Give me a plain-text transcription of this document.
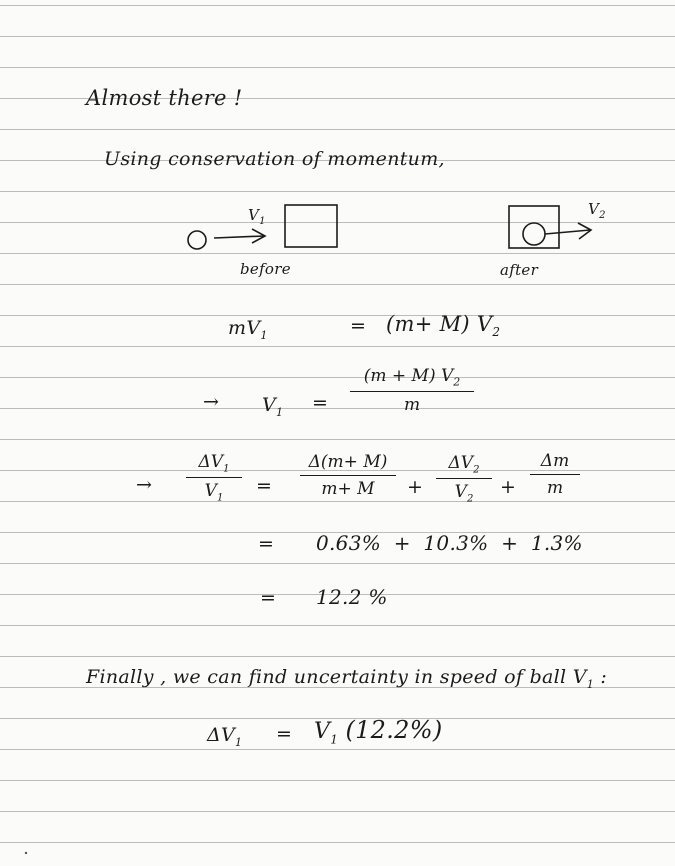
Almost there !
Using conservation of momentum,
$V_1$
$V_2$
before	after
$mV_1$	= (m+ M) $V_2$
→ $V_1 = \frac{(m + M) V_2}{m}$
→ $\frac{\Delta V_1}{V_1} = \frac{\Delta(m+ M)}{m+ M} + \frac{\Delta V_2}{V_2} + \frac{\Delta m}{m}$
= 0.63% + 10.3% + 1.3%
= 12.2 %
Finally , we can find uncertainty in speed of ball $V_1$ :
$\Delta V_1 = V_1$ (12.2%)
